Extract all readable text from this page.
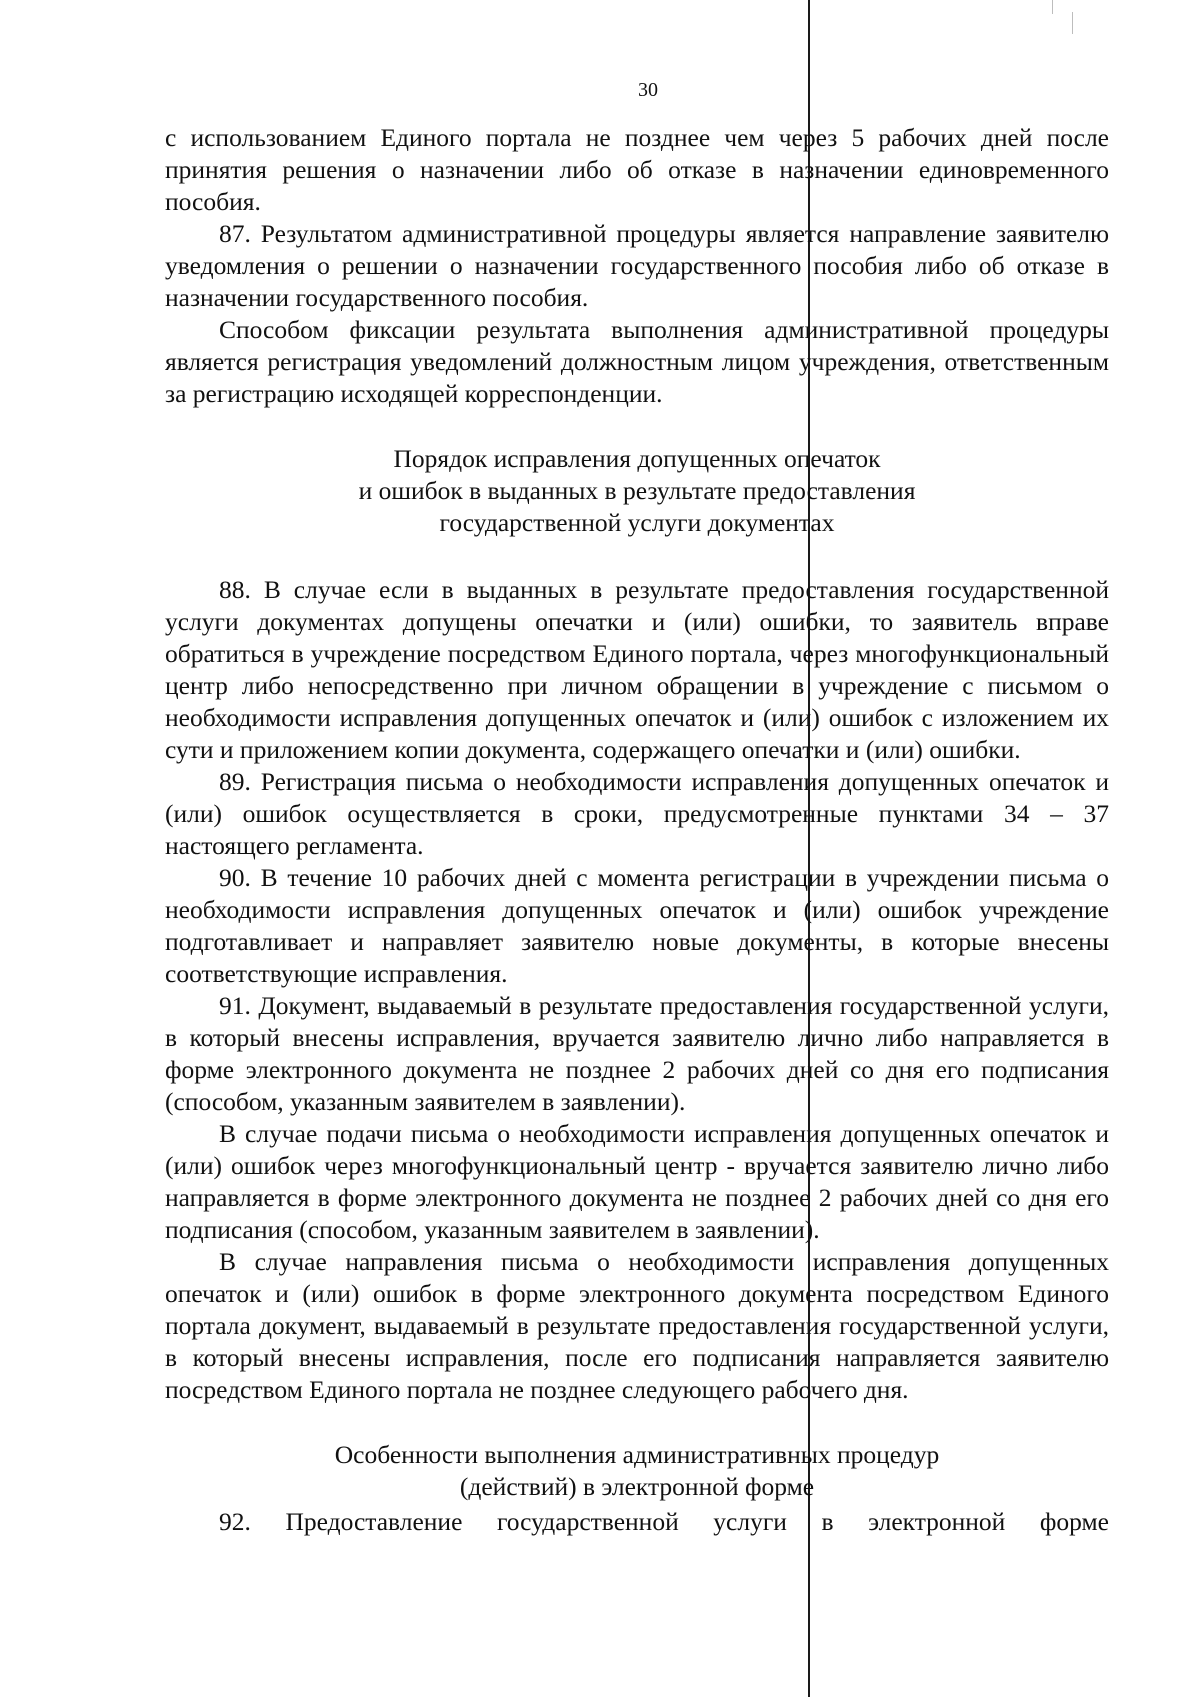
30

с использованием Единого портала не позднее чем через 5 рабочих дней после принятия решения о назначении либо об отказе в назначении единовременного пособия.

87. Результатом административной процедуры является направление заявителю уведомления о решении о назначении государственного пособия либо об отказе в назначении государственного пособия.

Способом фиксации результата выполнения административной процедуры является регистрация уведомлений должностным лицом учреждения, ответственным за регистрацию исходящей корреспонденции.

Порядок исправления допущенных опечаток
и ошибок в выданных в результате предоставления
государственной услуги документах

88. В случае если в выданных в результате предоставления государственной услуги документах допущены опечатки и (или) ошибки, то заявитель вправе обратиться в учреждение посредством Единого портала, через многофункциональный центр либо непосредственно при личном обращении в учреждение с письмом о необходимости исправления допущенных опечаток и (или) ошибок с изложением их сути и приложением копии документа, содержащего опечатки и (или) ошибки.

89. Регистрация письма о необходимости исправления допущенных опечаток и (или) ошибок осуществляется в сроки, предусмотренные пунктами 34 – 37 настоящего регламента.

90. В течение 10 рабочих дней с момента регистрации в учреждении письма о необходимости исправления допущенных опечаток и (или) ошибок учреждение подготавливает и направляет заявителю новые документы, в которые внесены соответствующие исправления.

91. Документ, выдаваемый в результате предоставления государственной услуги, в который внесены исправления, вручается заявителю лично либо направляется в форме электронного документа не позднее 2 рабочих дней со дня его подписания (способом, указанным заявителем в заявлении).

В случае подачи письма о необходимости исправления допущенных опечаток и (или) ошибок через многофункциональный центр - вручается заявителю лично либо направляется в форме электронного документа не позднее 2 рабочих дней со дня его подписания (способом, указанным заявителем в заявлении).

В случае направления письма о необходимости исправления допущенных опечаток и (или) ошибок в форме электронного документа посредством Единого портала документ, выдаваемый в результате предоставления государственной услуги, в который внесены исправления, после его подписания направляется заявителю посредством Единого портала не позднее следующего рабочего дня.

Особенности выполнения административных процедур
(действий) в электронной форме

92. Предоставление государственной услуги в электронной форме
